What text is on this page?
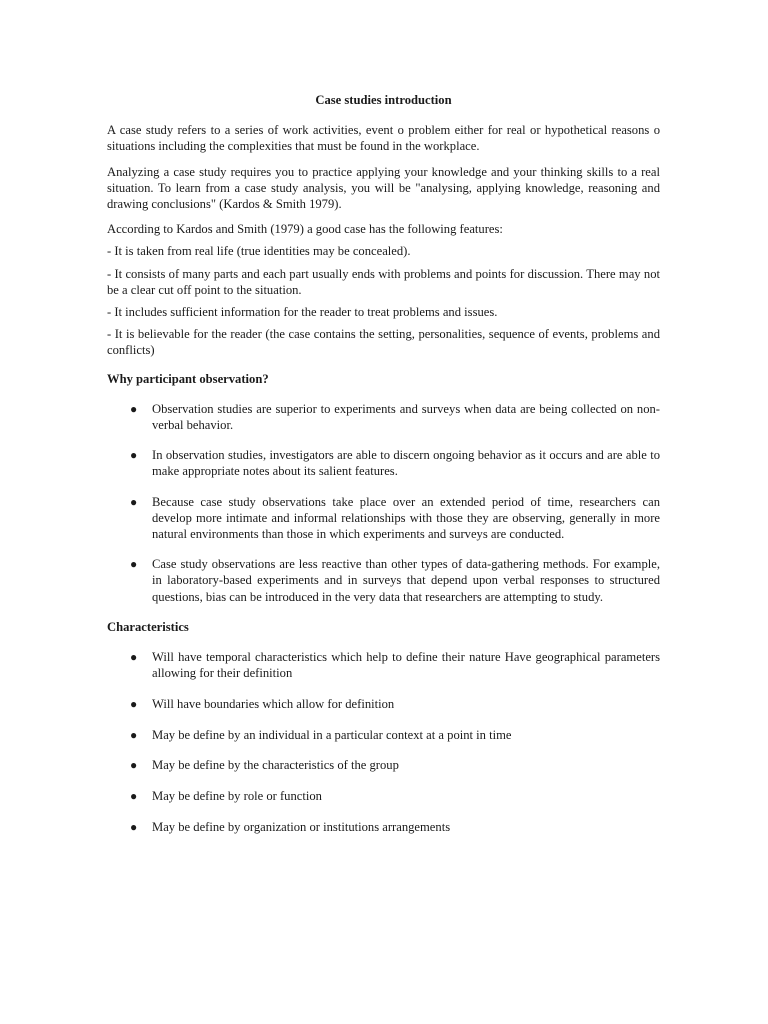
Case studies introduction

A case study refers to a series of work activities, event o problem either for real or hypothetical reasons o situations including the complexities that must be found in the workplace.

Analyzing a case study requires you to practice applying your knowledge and your thinking skills to a real situation. To learn from a case study analysis, you will be "analysing, applying knowledge, reasoning and drawing conclusions" (Kardos & Smith 1979).

According to Kardos and Smith (1979) a good case has the following features:

- It is taken from real life (true identities may be concealed).

- It consists of many parts and each part usually ends with problems and points for discussion. There may not be a clear cut off point to the situation.

- It includes sufficient information for the reader to treat problems and issues.

- It is believable for the reader (the case contains the setting, personalities, sequence of events, problems and conflicts)

Why participant observation?

● Observation studies are superior to experiments and surveys when data are being collected on non-verbal behavior.
● In observation studies, investigators are able to discern ongoing behavior as it occurs and are able to make appropriate notes about its salient features.
● Because case study observations take place over an extended period of time, researchers can develop more intimate and informal relationships with those they are observing, generally in more natural environments than those in which experiments and surveys are conducted.
● Case study observations are less reactive than other types of data-gathering methods. For example, in laboratory-based experiments and in surveys that depend upon verbal responses to structured questions, bias can be introduced in the very data that researchers are attempting to study.

Characteristics

● Will have temporal characteristics which help to define their nature Have geographical parameters allowing for their definition
● Will have boundaries which allow for definition
● May be define by an individual in a particular context at a point in time
● May be define by the characteristics of the group
● May be define by role or function
● May be define by organization or institutions arrangements
